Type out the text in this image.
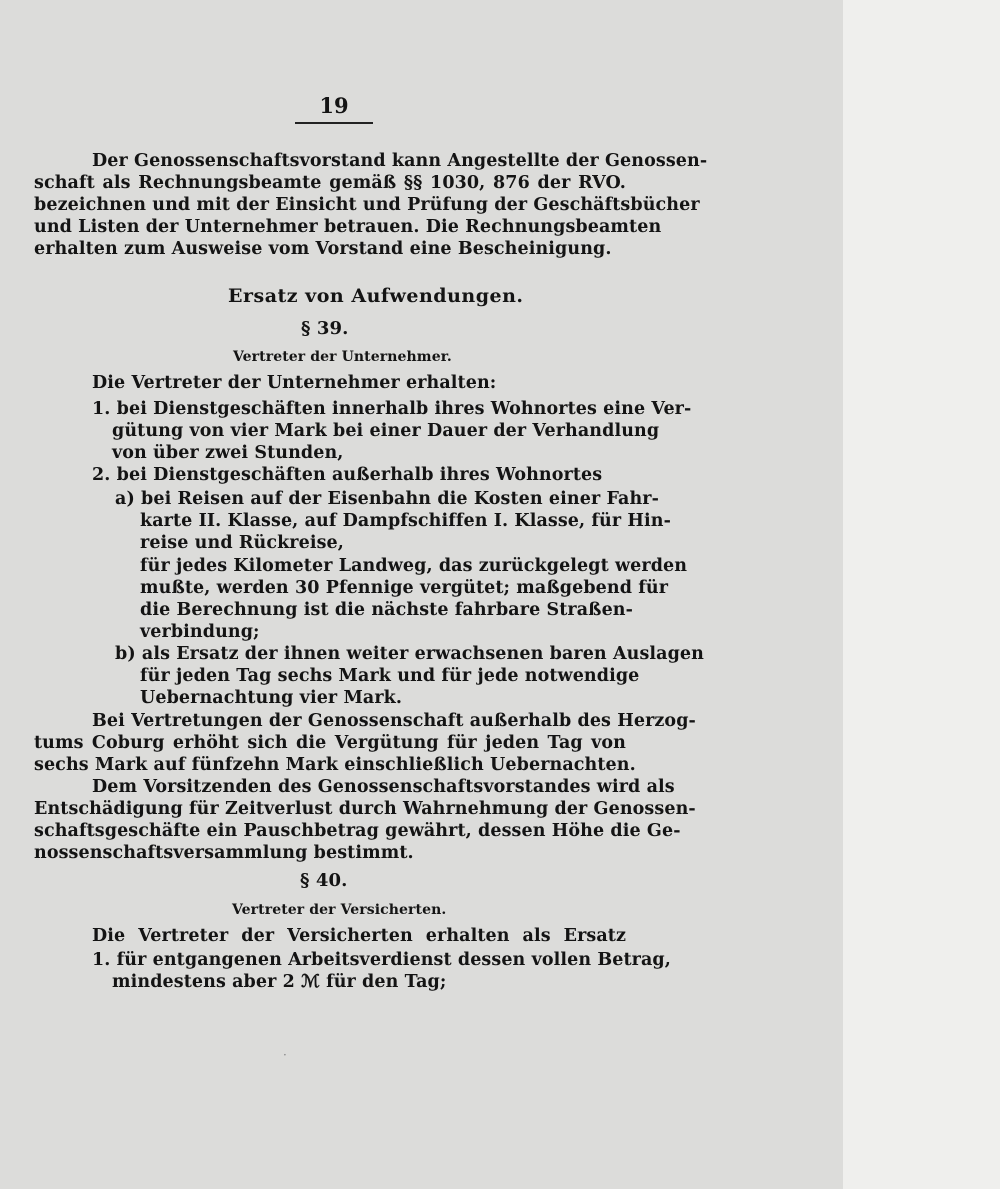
19
Der Genossenschaftsvorstand kann Angestellte der Genossen-
schaft als Rechnungsbeamte gemäß §§ 1030, 876 der RVO.
bezeichnen und mit der Einsicht und Prüfung der Geschäftsbücher
und Listen der Unternehmer betrauen. Die Rechnungsbeamten
erhalten zum Ausweise vom Vorstand eine Bescheinigung.
Ersatz von Aufwendungen.
§ 39.
Vertreter der Unternehmer.
Die Vertreter der Unternehmer erhalten:
1. bei Dienstgeschäften innerhalb ihres Wohnortes eine Ver-
gütung von vier Mark bei einer Dauer der Verhandlung
von über zwei Stunden,
2. bei Dienstgeschäften außerhalb ihres Wohnortes
a) bei Reisen auf der Eisenbahn die Kosten einer Fahr-
karte II. Klasse, auf Dampfschiffen I. Klasse, für Hin-
reise und Rückreise,
für jedes Kilometer Landweg, das zurückgelegt werden
mußte, werden 30 Pfennige vergütet; maßgebend für
die Berechnung ist die nächste fahrbare Straßen-
verbindung;
b) als Ersatz der ihnen weiter erwachsenen baren Auslagen
für jeden Tag sechs Mark und für jede notwendige
Uebernachtung vier Mark.
Bei Vertretungen der Genossenschaft außerhalb des Herzog-
tums Coburg erhöht sich die Vergütung für jeden Tag von
sechs Mark auf fünfzehn Mark einschließlich Uebernachten.
Dem Vorsitzenden des Genossenschaftsvorstandes wird als
Entschädigung für Zeitverlust durch Wahrnehmung der Genossen-
schaftsgeschäfte ein Pauschbetrag gewährt, dessen Höhe die Ge-
nossenschaftsversammlung bestimmt.
§ 40.
Vertreter der Versicherten.
Die Vertreter der Versicherten erhalten als Ersatz
1. für entgangenen Arbeitsverdienst dessen vollen Betrag,
mindestens aber 2 ℳ für den Tag;
·
